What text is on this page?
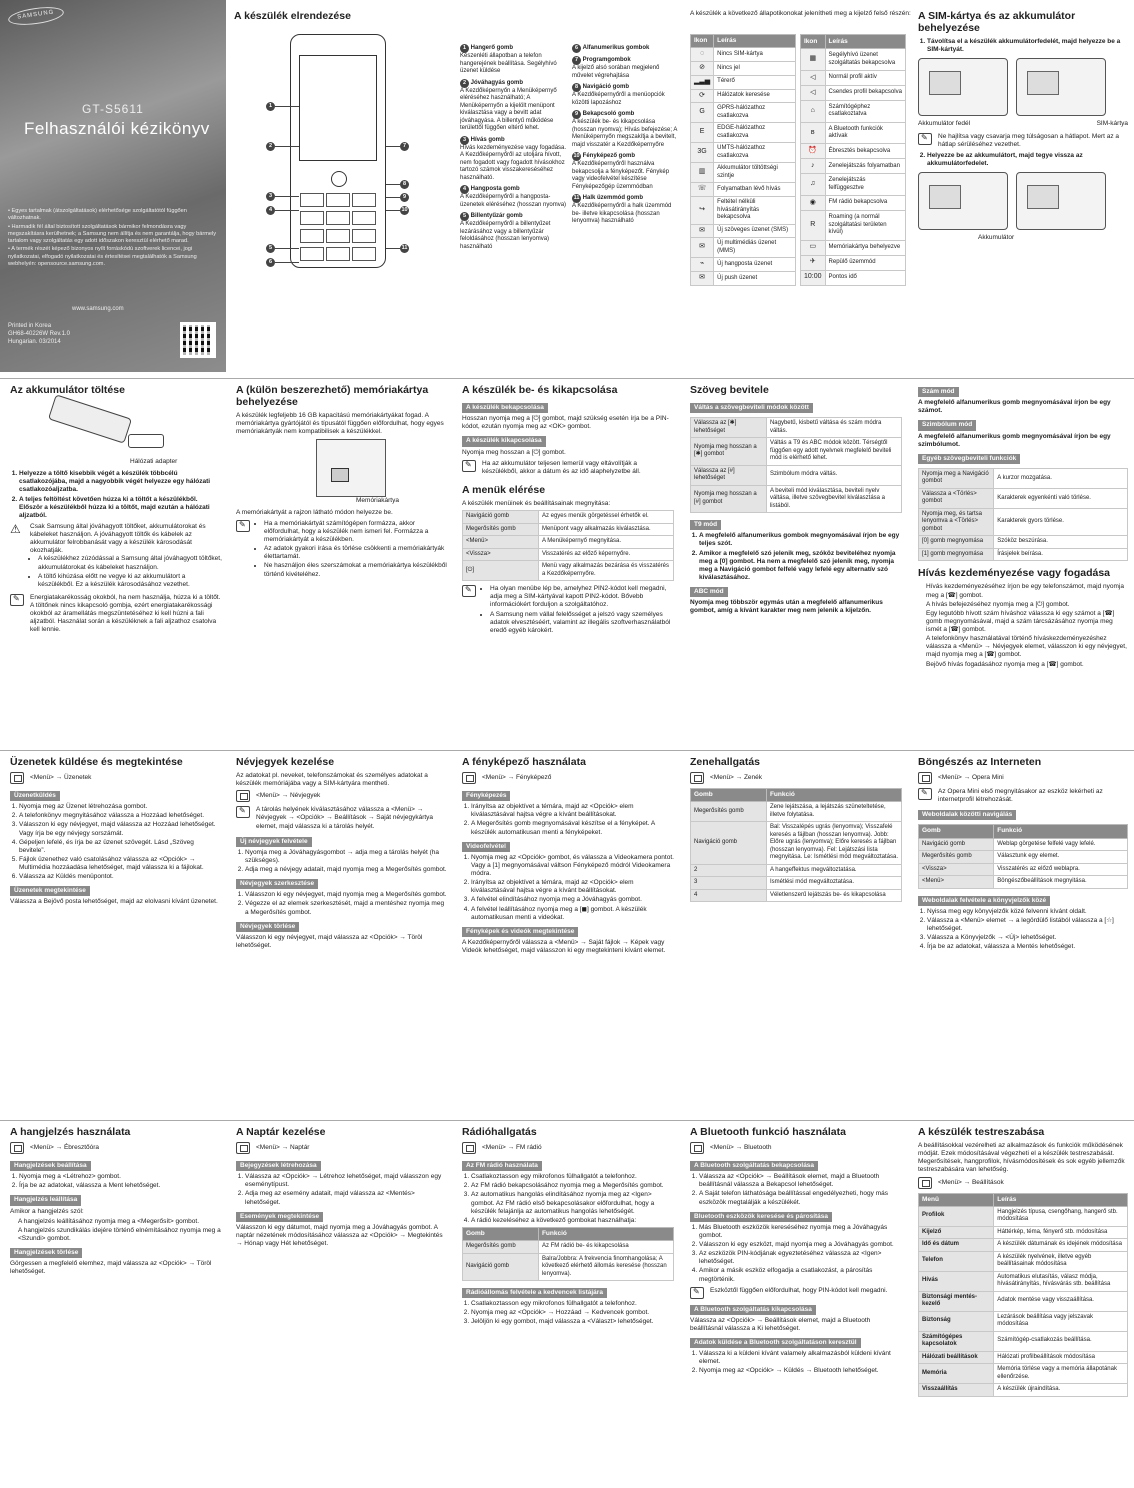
SAMSUNG
GT-S5611
Felhasználói kézikönyv
• Egyes tartalmak (átszolgáltatások) elérhetősége szolgáltatótól függően változhatnak.
• Harmadik fél által biztosított szolgáltatások bármikor felmondásra vagy megszakításra kerülhetnek; a Samsung nem állítja és nem garantálja, hogy bármely tartalom vagy szolgáltatás egy adott időszakon keresztül elérhető marad.
• A termék részét képező bizonyos nyílt forráskódú szoftverek licencei, jogi nyilatkozatai, elfogadó nyilatkozatai és értesítései megtalálhatók a Samsung webhelyén: opensource.samsung.com.
www.samsung.com
Printed in Korea
GH68-40226W Rev.1.0
Hungarian. 03/2014
A készülék elrendezése
1
2
3
4
5
6
7
8
9
10
11
1 Hangerő gomb
Készenléti állapotban a telefon hangerejének beállítása. Segélyhívó üzenet küldése
2 Jóváhagyás gomb
A Kezdőképernyőn a Menüképernyő eléréséhez használható; A Menüképernyőn a kijelölt menüpont kiválasztása vagy a bevitt adat jóváhagyása. A billentyű működése területtől függően eltérő lehet.
3 Hívás gomb
Hívás kezdeményezése vagy fogadása. A Kezdőképernyőről az utoljára hívott, nem fogadott vagy fogadott hívásokhoz tartozó számok visszakereséséhez használható.
4 Hangposta gomb
A Kezdőképernyőről a hangposta-üzenetek eléréséhez (hosszan nyomva)
5 Billentyűzár gomb
A Kezdőképernyőről a billentyűzet lezárásához vagy a billentyűzár feloldásához (hosszan lenyomva) használható
6 Alfanumerikus gombok
7 Programgombok
A kijelző alsó sorában megjelenő művelet végrehajtása
8 Navigáció gomb
A Kezdőképernyőről a menüopciók közötti lapozáshoz
9 Bekapcsoló gomb
A készülék be- és kikapcsolása (hosszan nyomva); Hívás befejezése; A Menüképernyőn megszakítja a bevitelt, majd visszatér a Kezdőképernyőre
10 Fényképező gomb
A Kezdőképernyőről használva bekapcsolja a fényképezőt. Fénykép vagy videofelvétel készítése Fényképezőgép üzemmódban
11 Halk üzemmód gomb
A Kezdőképernyőről a halk üzemmód be- illetve kikapcsolása (hosszan lenyomva) használható

A készülék a következő állapotikonokat jelenítheti meg a kijelző felső részén:

Ikon	Leírás
◌	Nincs SIM-kártya
⊘	Nincs jel
▂▃▅	Térerő
⟳	Hálózatok keresése
G	GPRS-hálózathoz csatlakozva
E	EDGE-hálózathoz csatlakozva
3G	UMTS-hálózathoz csatlakozva
▥	Akkumulátor töltöttségi szintje
☏	Folyamatban lévő hívás
↪	Feltétel nélküli hívásátirányítás bekapcsolva
✉	Új szöveges üzenet (SMS)
✉	Új multimédiás üzenet (MMS)
⌁	Új hangposta üzenet
✉	Új push üzenet
Ikon	Leírás
▦	Segélyhívó üzenet szolgáltatás bekapcsolva
◁	Normál profil aktív
◁	Csendes profil bekapcsolva
⌂	Számítógéphez csatlakoztatva
ʙ	A Bluetooth funkciók aktívak
⏰	Ébresztés bekapcsolva
♪	Zenelejátszás folyamatban
♫	Zenelejátszás felfüggesztve
◉	FM rádió bekapcsolva
R	Roaming (a normál szolgáltatási területen kívül)
▭	Memóriakártya behelyezve
✈	Repülő üzemmód
10:00	Pontos idő
A SIM-kártya és az akkumulátor behelyezése
1. Távolítsa el a készülék akkumulátorfedelét, majd helyezze be a SIM-kártyát.
Akkumulátor fedél	SIM-kártya
✎
Ne hajlítsa vagy csavarja meg túlságosan a hátlapot. Mert az a hátlap sérüléséhez vezethet.
2. Helyezze be az akkumulátort, majd tegye vissza az akkumulátorfedelet.
Akkumulátor
Az akkumulátor töltése
Hálózati adapter
1. Helyezze a töltő kisebbik végét a készülék többcélú csatlakozójába, majd a nagyobbik végét helyezze egy hálózati csatlakozóaljzatba.
2. A teljes feltöltést követően húzza ki a töltőt a készülékből. Először a készülékből húzza ki a töltőt, majd ezután a hálózati aljzatból.
⚠	Csak Samsung által jóváhagyott töltőket, akkumulátorokat és kábeleket használjon. A jóváhagyott töltők és kábelek az akkumulátor felrobbanását vagy a készülék károsodását okozhatják.
• A készülékhez zúzódással a Samsung által jóváhagyott töltőket, akkumulátorokat és kábeleket használjon.
• A töltő kihúzása előtt ne vegye ki az akkumulátort a készülékből. Ez a készülék károsodásához vezethet.
✎
Energiatakarékosság okokból, ha nem használja, húzza ki a töltőt. A töltőnek nincs kikapcsoló gombja, ezért energiatakarékossági okokból az áramellátás megszüntetéséhez ki kell húzni a fali aljzatból. Használat során a készüléknek a fali aljzathoz csatolva kell lennie.
A (külön beszerezhető) memóriakártya behelyezése

A készülék legfeljebb 16 GB kapacitású memóriakártyákat fogad. A memóriakártya gyártójától és típusától függően előfordulhat, hogy egyes memóriakártyák nem kompatibilisek a készülékkel.

Memóriakártya

A memóriakártyát a rajzon látható módon helyezze be.

✎
• Ha a memóriakártyát számítógépen formázza, akkor előfordulhat, hogy a készülék nem ismeri fel. Formázza a memóriakártyát a készülékben.
• Az adatok gyakori írása és törlése csökkenti a memóriakártyák élettartamát.
• Ne használjon éles szerszámokat a memóriakártya készülékből történő kivételéhez.
A készülék be- és kikapcsolása
A készülék bekapcsolása

Hosszan nyomja meg a [⏻] gombot, majd szükség esetén írja be a PIN-kódot, ezután nyomja meg az <OK> gombot.

A készülék kikapcsolása

Nyomja meg hosszan a [⏻] gombot.

✎
Ha az akkumulátor teljesen lemerül vagy eltávolítják a készülékből, akkor a dátum és az idő alaphelyzetbe áll.
A menük elérése

A készülék menüinek és beállításainak megnyitása:

Navigáció gomb	Az egyes menük görgetéssel érhetők el.
Megerősítés gomb	Menüpont vagy alkalmazás kiválasztása.
<Menü>	A Menüképernyő megnyitása.
<Vissza>	Visszatérés az előző képernyőre.
[⏻]	Menü vagy alkalmazás bezárása és visszatérés a Kezdőképernyőre.
✎
• Ha olyan menübe lép be, amelyhez PIN2-kódot kell megadni, adja meg a SIM-kártyával kapott PIN2-kódot. Bővebb információkért forduljon a szolgáltatóhoz.
• A Samsung nem vállal felelősséget a jelszó vagy személyes adatok elvesztéséért, valamint az illegális szoftverhasználatból eredő egyéb károkért.
Szöveg bevitele
Váltás a szövegbeviteli módok között
Válassza az [✱] lehetőséget	Nagybetű, kisbetű váltása és szám módra váltás.
Nyomja meg hosszan a [✱] gombot	Váltás a T9 és ABC módok között. Térségtől függően egy adott nyelvnek megfelelő beviteli mód is elérhető lehet.
Válassza az [#] lehetőséget	Szimbólum módra váltás.
Nyomja meg hosszan a [#] gombot	A beviteli mód kiválasztása, beviteli nyelv váltása, illetve szövegbevitel kiválasztása a listából.
T9 mód
1. A megfelelő alfanumerikus gombok megnyomásával írjon be egy teljes szót.
2. Amikor a megfelelő szó jelenik meg, szóköz beviteléhez nyomja meg a [0] gombot. Ha nem a megfelelő szó jelenik meg, nyomja meg a Navigáció gombot felfelé vagy lefelé egy alternatív szó kiválasztásához.
ABC mód

Nyomja meg többször egymás után a megfelelő alfanumerikus gombot, amíg a kívánt karakter meg nem jelenik a kijelzőn.

Szám mód

A megfelelő alfanumerikus gomb megnyomásával írjon be egy számot.

Szimbólum mód

A megfelelő alfanumerikus gomb megnyomásával írjon be egy szimbólumot.

Egyéb szövegbeviteli funkciók
Nyomja meg a Navigáció gombot	A kurzor mozgatása.
Válassza a <Törlés> gombot	Karakterek egyenkénti való törlése.
Nyomja meg, és tartsa lenyomva a <Törlés> gombot	Karakterek gyors törlése.
[0] gomb megnyomása	Szóköz beszúrása.
[1] gomb megnyomása	Írásjelek beírása.
Hívás kezdeményezése vagy fogadása
• Hívás kezdeményezéséhez írjon be egy telefonszámot, majd nyomja meg a [☎] gombot.
• A hívás befejezéséhez nyomja meg a [⏻] gombot.
• Egy legutóbb hívott szám híváshoz válassza ki egy számot a [☎] gomb megnyomásával, majd a szám tárcsázásához nyomja meg ismét a [☎] gombot.
• A telefonkönyv használatával történő híváskezdeményezéshez válassza a <Menü> → Névjegyek elemet, válasszon ki egy névjegyet, majd nyomja meg a [☎] gombot.
• Bejövő hívás fogadásához nyomja meg a [☎] gombot.
Üzenetek küldése és megtekintése
<Menü> → Üzenetek
Üzenetküldés
1. Nyomja meg az Üzenet létrehozása gombot.
2. A telefonkönyv megnyitásához válassza a Hozzáad lehetőséget.
3. Válasszon ki egy névjegyet, majd válassza az Hozzáad lehetőséget. Vagy írja be egy névjegy sorszámát.
4. Gépeljen lefelé, és írja be az üzenet szövegét. Lásd „Szöveg bevitele”.
5. Fájlok üzenethez való csatolásához válassza az <Opciók> → Multimédia hozzáadása lehetőséget, majd válassza ki a fájlokat.
6. Válassza az Küldés menüpontot.
Üzenetek megtekintése

Válassza a Bejövő posta lehetőséget, majd az elolvasni kívánt üzenetet.

Névjegyek kezelése

Az adatokat pl. neveket, telefonszámokat és személyes adatokat a készülék memóriájába vagy a SIM-kártyára mentheti.

<Menü> → Névjegyek
✎
A tárolás helyének kiválasztásához válassza a <Menü> → Névjegyek → <Opciók> → Beállítások → Saját névjegykártya elemet, majd válassza ki a tárolás helyét.
Új névjegyek felvétele
1. Nyomja meg a Jóváhagyásgombot → adja meg a tárolás helyét (ha szükséges).
2. Adja meg a névjegy adatait, majd nyomja meg a Megerősítés gombot.
Névjegyek szerkesztése
1. Válasszon ki egy névjegyet, majd nyomja meg a Megerősítés gombot.
2. Végezze el az elemek szerkesztését, majd a mentéshez nyomja meg a Megerősítés gombot.
Névjegyek törlése

Válasszon ki egy névjegyet, majd válassza az <Opciók> → Töröl lehetőséget.

A fényképező használata
<Menü> → Fényképező
Fényképezés
1. Irányítsa az objektívet a témára, majd az <Opciók> elem kiválasztásával hajtsa végre a kívánt beállításokat.
2. A Megerősítés gomb megnyomásával készítse el a fényképet. A készülék automatikusan menti a fényképeket.
Videofelvétel
1. Nyomja meg az <Opciók> gombot, és válassza a Videokamera pontot. Vagy a [1] megnyomásával váltson Fényképező módról Videokamera módra.
2. Irányítsa az objektívet a témára, majd az <Opciók> elem kiválasztásával hajtsa végre a kívánt beállításokat.
3. A felvétel elindításához nyomja meg a Jóváhagyás gombot.
4. A felvétel leállításához nyomja meg a [◼] gombot. A készülék automatikusan menti a videókat.
Fényképek és videók megtekintése

A Kezdőképernyőről válassza a <Menü> → Saját fájlok → Képek vagy Videók lehetőséget, majd válasszon ki egy megtekinteni kívánt elemet.

Zenehallgatás
<Menü> → Zenék
Gomb	Funkció
Megerősítés gomb	Zene lejátszása, a lejátszás szüneteltetése, illetve folytatása.
Navigáció gomb	Bal: Visszalépés ugrás (lenyomva); Visszafelé keresés a fájlban (hosszan lenyomva). Jobb: Előre ugrás (lenyomva); Előre keresés a fájlban (hosszan lenyomva). Fel: Lejátszási lista megnyitása. Le: Ismétlési mód megváltoztatása.
2	A hangeffektus megváltoztatása.
3	Ismétlési mód megváltoztatása.
4	Véletlenszerű lejátszás be- és kikapcsolása
Böngészés az Interneten
<Menü> → Opera Mini
✎
Az Opera Mini első megnyitásakor az eszköz lekérheti az internetprofil létrehozását.
Weboldalak közötti navigálás
Gomb	Funkció
Navigáció gomb	Weblap görgetése felfelé vagy lefelé.
Megerősítés gomb	Választunk egy elemet.
<Vissza>	Visszatérés az előző weblapra.
<Menü>	Böngészőbeállítások megnyitása.
Weboldalak felvétele a könyvjelzők közé
1. Nyissa meg egy könyvjelzők közé felvenni kívánt oldalt.
2. Válassza a <Menü> elemet → a legördülő listából válassza a [☆] lehetőséget.
3. Válassza a Könyvjelzők → <Új> lehetőséget.
4. Írja be az adatokat, válassza a Mentés lehetőséget.
A hangjelzés használata
<Menü> → Ébresztőóra
Hangjelzések beállítása
1. Nyomja meg a <Létrehoz> gombot.
2. Írja be az adatokat, válassza a Ment lehetőséget.
Hangjelzés leállítása

Amikor a hangjelzés szól:

• A hangjelzés leállításához nyomja meg a <Megerősít> gombot.
• A hangjelzés szundikálás idejére történő elnémításához nyomja meg a <Szundi> gombot.
Hangjelzések törlése

Görgessen a megfelelő elemhez, majd válassza az <Opciók> → Töröl lehetőséget.

A Naptár kezelése
<Menü> → Naptár
Bejegyzések létrehozása
1. Válassza az <Opciók> → Létrehoz lehetőséget, majd válasszon egy eseménytípust.
2. Adja meg az esemény adatait, majd válassza az <Mentés> lehetőséget.
Események megtekintése

Válasszon ki egy dátumot, majd nyomja meg a Jóváhagyás gombot. A naptár nézetének módosításához válassza az <Opciók> → Megtekintés → Hónap vagy Hét lehetőséget.

Rádióhallgatás
<Menü> → FM rádió
Az FM rádió használata
1. Csatlakoztasson egy mikrofonos fülhallgatót a telefonhoz.
2. Az FM rádió bekapcsolásához nyomja meg a Megerősítés gombot.
3. Az automatikus hangolás elindításához nyomja meg az <Igen> gombot. Az FM rádió első bekapcsolásakor előfordulhat, hogy a készülék felajánlja az automatikus hangolás lehetőségét.
4. A rádió kezeléséhez a következő gombokat használhatja:
Gomb	Funkció
Megerősítés gomb	Az FM rádió be- és kikapcsolása
Navigáció gomb	Balra/Jobbra: A frekvencia finomhangolása; A következő elérhető állomás keresése (hosszan lenyomva).
Rádióállomás felvétele a kedvencek listájára
1. Csatlakoztasson egy mikrofonos fülhallgatót a telefonhoz.
2. Nyomja meg az <Opciók> → Hozzáad → Kedvencek gombot.
3. Jelöljön ki egy gombot, majd válassza a <Választ> lehetőséget.
A Bluetooth funkció használata
<Menü> → Bluetooth
A Bluetooth szolgáltatás bekapcsolása
1. Válassza az <Opciók> → Beállítások elemet, majd a Bluetooth beállításnál válassza a Bekapcsol lehetőséget.
2. A Saját telefon láthatósága beállítással engedélyezheti, hogy más eszközök megtalálják a készülékét.
Bluetooth eszközök keresése és párosítása
1. Más Bluetooth eszközök kereséséhez nyomja meg a Jóváhagyás gombot.
2. Válasszon ki egy eszközt, majd nyomja meg a Jóváhagyás gombot.
3. Az eszközök PIN-kódjának egyeztetéséhez válassza az <Igen> lehetőséget.
4. Amikor a másik eszköz elfogadja a csatlakozást, a párosítás megtörténik.
✎
Eszköztől függően előfordulhat, hogy PIN-kódot kell megadni.
A Bluetooth szolgáltatás kikapcsolása

Válassza az <Opciók> → Beállítások elemet, majd a Bluetooth beállításnál válassza a Ki lehetőséget.

Adatok küldése a Bluetooth szolgáltatáson keresztül
1. Válassza ki a küldeni kívánt valamely alkalmazásból küldeni kívánt elemet.
2. Nyomja meg az <Opciók> → Küldés → Bluetooth lehetőséget.
A készülék testreszabása

A beállításokkal vezérelheti az alkalmazások és funkciók működésének módját. Ezek módosításával végezheti el a készülék testreszabását. Megerősítések, hangprofilok, hívásmódosítések és sok egyéb jellemzők testreszabására van lehetőség.

<Menü> → Beállítások
Menü	Leírás
Profilok	Hangjelzés típusa, csengőhang, hangerő stb. módosítása
Kijelző	Háttérkép, téma, fényerő stb. módosítása
Idő és dátum	A készülék dátumának és idejének módosítása
Telefon	A készülék nyelvének, illetve egyéb beállításainak módosítása
Hívás	Automatikus elutasítás, válasz módja, hívásátirányítás, hívásvárás stb. beállítása
Biztonsági mentés-kezelő	Adatok mentése vagy visszaállítása.
Biztonság	Lezárások beállítása vagy jelszavak módosítása
Számítógépes kapcsolatok	Számítógép-csatlakozás beállítása.
Hálózati beállítások	Hálózati profilbeállítások módosítása
Memória	Memória törlése vagy a memória állapotának ellenőrzése.
Visszaállítás	A készülék újraindítása.
